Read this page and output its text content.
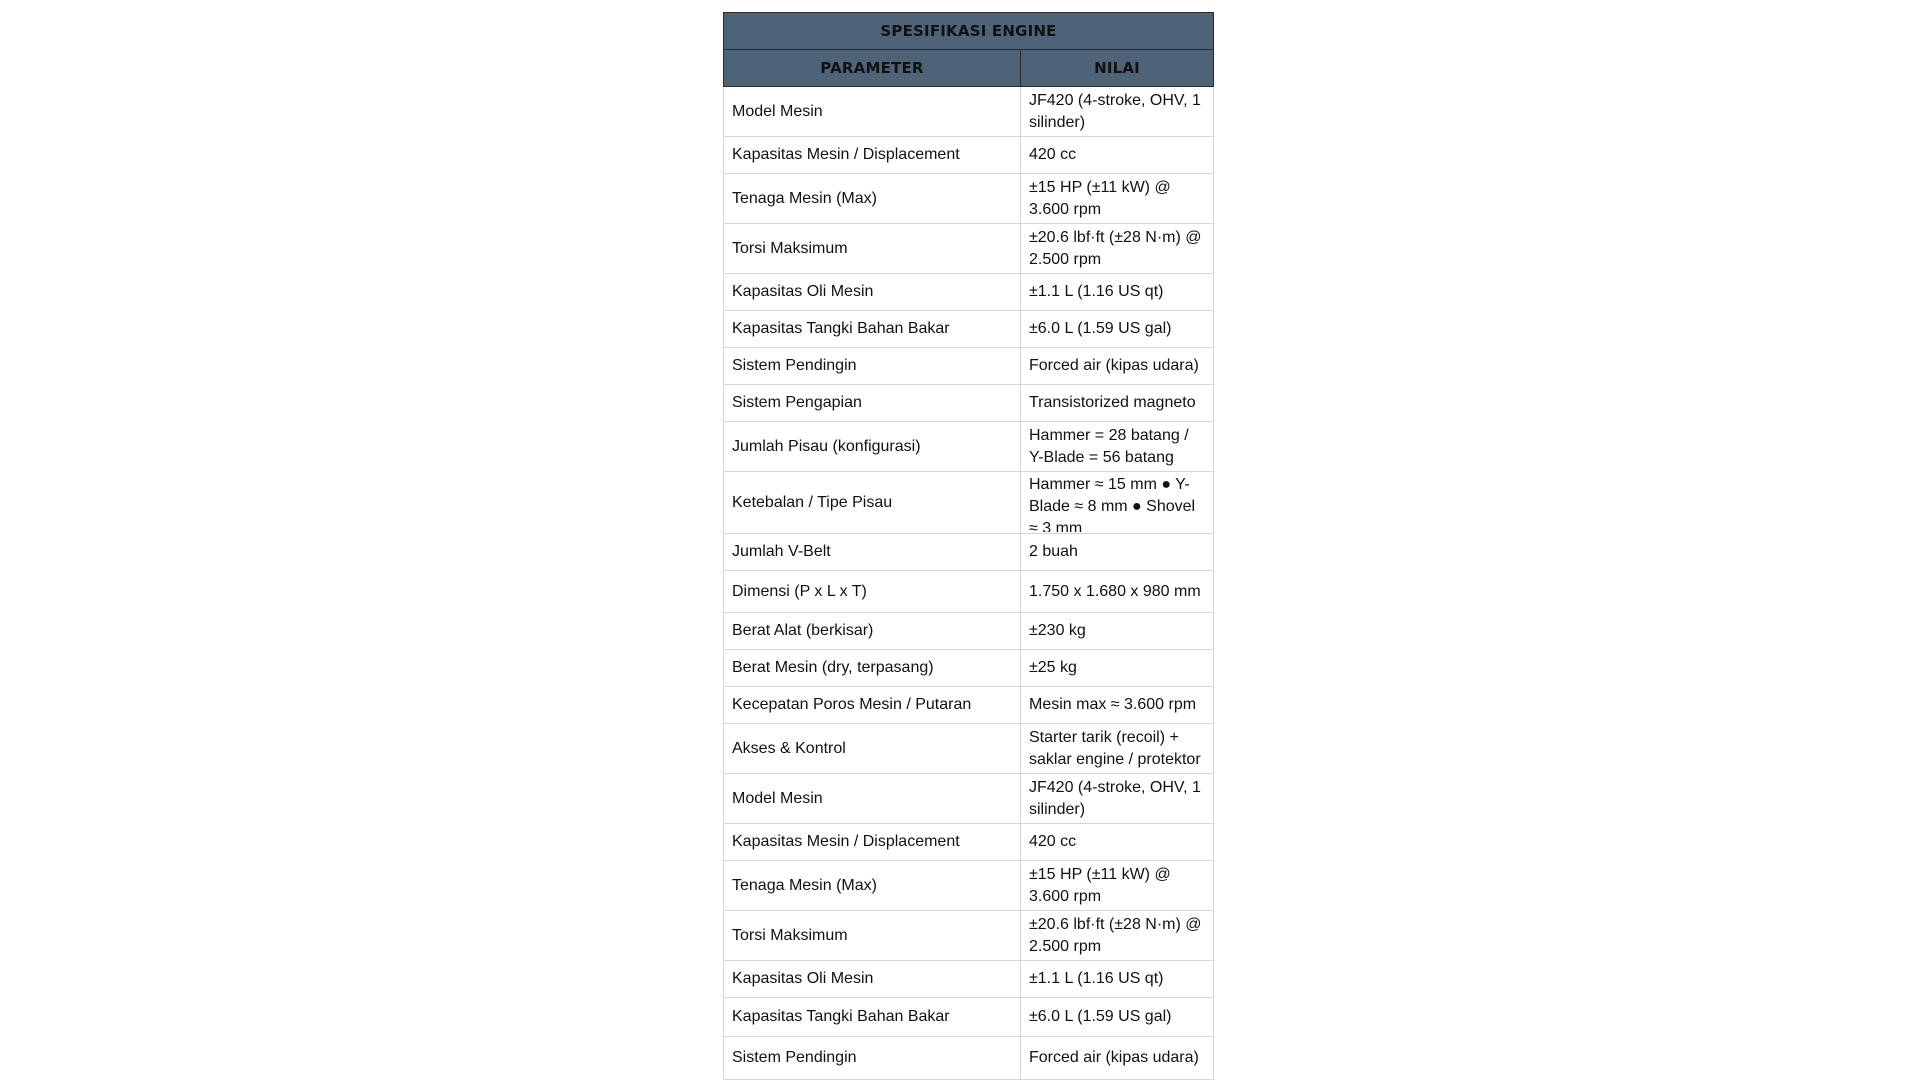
SPESIFIKASI ENGINE	
PARAMETER	NILAI
Model Mesin	JF420 (4-stroke, OHV, 1 silinder)

Kapasitas Mesin / Displacement	420 cc

Tenaga Mesin (Max)	±15 HP (±11 kW) @ 3.600 rpm

Torsi Maksimum	±20.6 lbf·ft (±28 N·m) @ 2.500 rpm

Kapasitas Oli Mesin	±1.1 L (1.16 US qt)

Kapasitas Tangki Bahan Bakar	±6.0 L (1.59 US gal)

Sistem Pendingin	Forced air (kipas udara)

Sistem Pengapian	Transistorized magneto

Jumlah Pisau (konfigurasi)	Hammer = 28 batang / Y-Blade = 56 batang

Ketebalan / Tipe Pisau	Hammer ≈ 15 mm ● Y-Blade ≈ 8 mm ● Shovel ≈ 3 mm

Jumlah V-Belt	2 buah

Dimensi (P x L x T)	1.750 x 1.680 x 980 mm

Berat Alat (berkisar)	±230 kg

Berat Mesin (dry, terpasang)	±25 kg

Kecepatan Poros Mesin / Putaran	Mesin max ≈ 3.600 rpm

Akses & Kontrol	Starter tarik (recoil) + saklar engine / protektor

Model Mesin	JF420 (4-stroke, OHV, 1 silinder)

Kapasitas Mesin / Displacement	420 cc

Tenaga Mesin (Max)	±15 HP (±11 kW) @ 3.600 rpm

Torsi Maksimum	±20.6 lbf·ft (±28 N·m) @ 2.500 rpm

Kapasitas Oli Mesin	±1.1 L (1.16 US qt)

Kapasitas Tangki Bahan Bakar	±6.0 L (1.59 US gal)

Sistem Pendingin	Forced air (kipas udara)
